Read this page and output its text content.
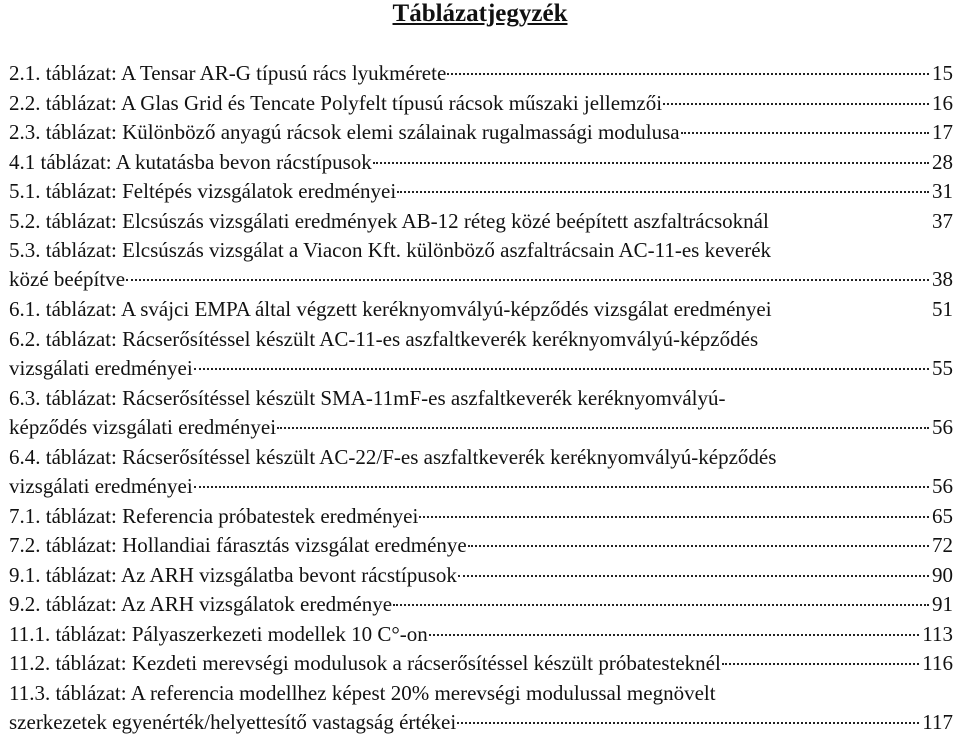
Táblázatjegyzék
2.1. táblázat: A Tensar AR-G típusú rács lyukmérete	15
2.2. táblázat: A Glas Grid és Tencate Polyfelt típusú rácsok műszaki jellemzői	16
2.3. táblázat: Különböző anyagú rácsok elemi szálainak rugalmassági modulusa	17
4.1 táblázat: A kutatásba bevon rácstípusok	28
5.1. táblázat: Feltépés vizsgálatok eredményei	31
5.2. táblázat: Elcsúszás vizsgálati eredmények AB-12 réteg közé beépített aszfaltrácsoknál	37
5.3. táblázat: Elcsúszás vizsgálat a Viacon Kft. különböző aszfaltrácsain AC-11-es keverék
közé beépítve	38
6.1. táblázat: A svájci EMPA által végzett keréknyomvályú-képződés vizsgálat eredményei	51
6.2. táblázat: Rácserősítéssel készült AC-11-es aszfaltkeverék keréknyomvályú-képződés
vizsgálati eredményei	55
6.3. táblázat: Rácserősítéssel készült SMA-11mF-es aszfaltkeverék keréknyomvályú-
képződés vizsgálati eredményei	56
6.4. táblázat: Rácserősítéssel készült AC-22/F-es aszfaltkeverék keréknyomvályú-képződés
vizsgálati eredményei	56
7.1. táblázat: Referencia próbatestek eredményei	65
7.2. táblázat: Hollandiai fárasztás vizsgálat eredménye	72
9.1. táblázat: Az ARH vizsgálatba bevont rácstípusok	90
9.2. táblázat: Az ARH vizsgálatok eredménye	91
11.1. táblázat: Pályaszerkezeti modellek 10 C°-on	113
11.2. táblázat: Kezdeti merevségi modulusok a rácserősítéssel készült próbatesteknél	116
11.3. táblázat: A referencia modellhez képest 20% merevségi modulussal megnövelt
szerkezetek egyenérték/helyettesítő vastagság értékei	117
